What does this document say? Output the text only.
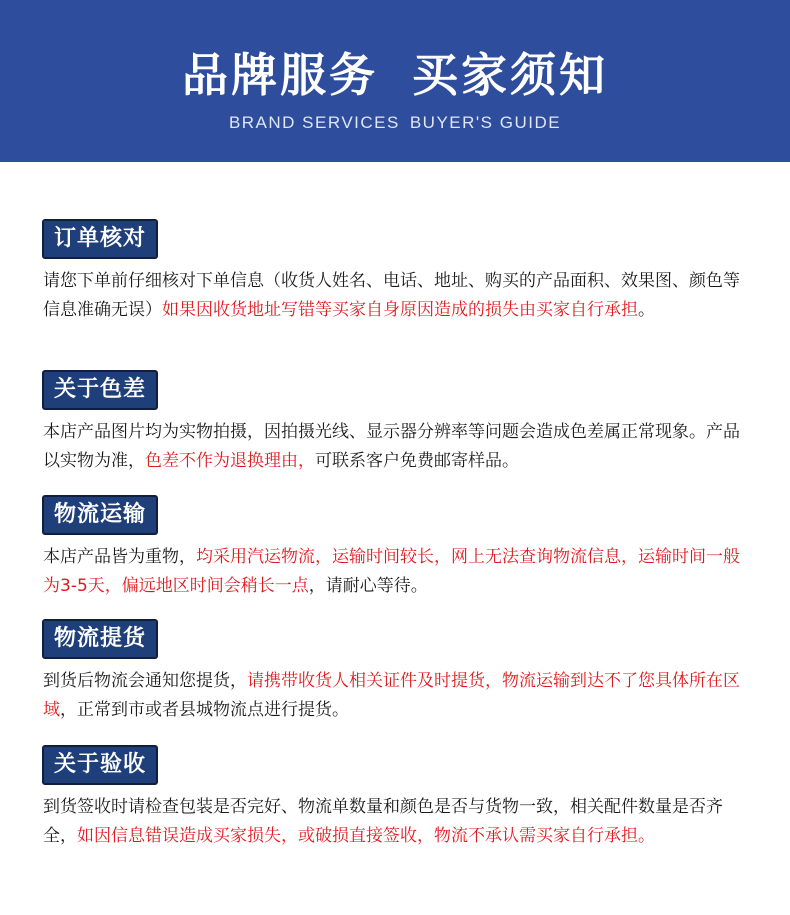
品牌服务 买家须知
BRAND SERVICES BUYER'S GUIDE
订单核对
请您下单前仔细核对下单信息（收货人姓名、电话、地址、购买的产品面积、效果图、颜色等信息准确无误）如果因收货地址写错等买家自身原因造成的损失由买家自行承担。
关于色差
本店产品图片均为实物拍摄，因拍摄光线、显示器分辨率等问题会造成色差属正常现象。产品以实物为准，色差不作为退换理由，可联系客户免费邮寄样品。
物流运输
本店产品皆为重物，均采用汽运物流，运输时间较长，网上无法查询物流信息，运输时间一般为3-5天，偏远地区时间会稍长一点，请耐心等待。
物流提货
到货后物流会通知您提货，请携带收货人相关证件及时提货，物流运输到达不了您具体所在区域，正常到市或者县城物流点进行提货。
关于验收
到货签收时请检查包装是否完好、物流单数量和颜色是否与货物一致，相关配件数量是否齐全，如因信息错误造成买家损失，或破损直接签收，物流不承认需买家自行承担。
